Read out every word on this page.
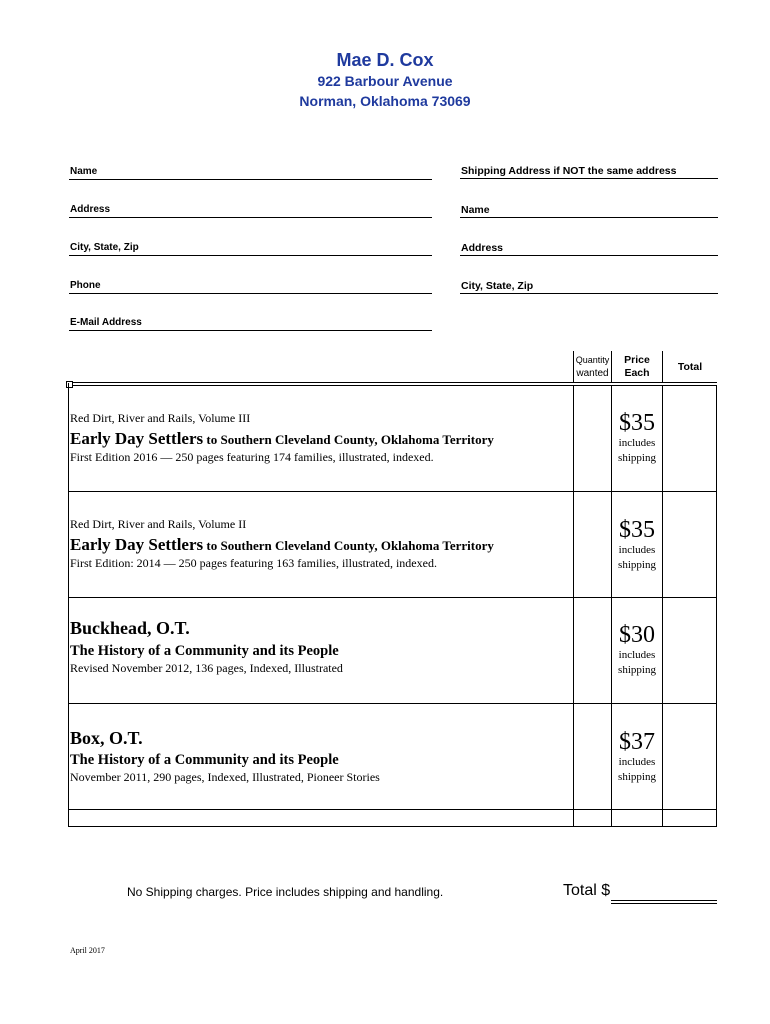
Mae D. Cox
922 Barbour Avenue
Norman, Oklahoma 73069
Name
Address
City, State, Zip
Phone
E-Mail Address
Shipping Address if NOT the same address
Name
Address
City, State, Zip
Quantity
wanted
Price
Each	Total
Red Dirt, River and Rails, Volume III
Early Day Settlers to Southern Cleveland County, Oklahoma Territory
First Edition 2016 — 250 pages featuring 174 families, illustrated, indexed.
$35
includes
shipping
Red Dirt, River and Rails, Volume II
Early Day Settlers to Southern Cleveland County, Oklahoma Territory
First Edition: 2014 — 250 pages featuring 163 families, illustrated, indexed.
$35
includes
shipping
Buckhead, O.T.
The History of a Community and its People
Revised November 2012, 136 pages, Indexed, Illustrated
$30
includes
shipping
Box, O.T.
The History of a Community and its People
November 2011, 290 pages, Indexed, Illustrated, Pioneer Stories
$37
includes
shipping
No Shipping charges. Price includes shipping and handling.	Total $
April 2017
